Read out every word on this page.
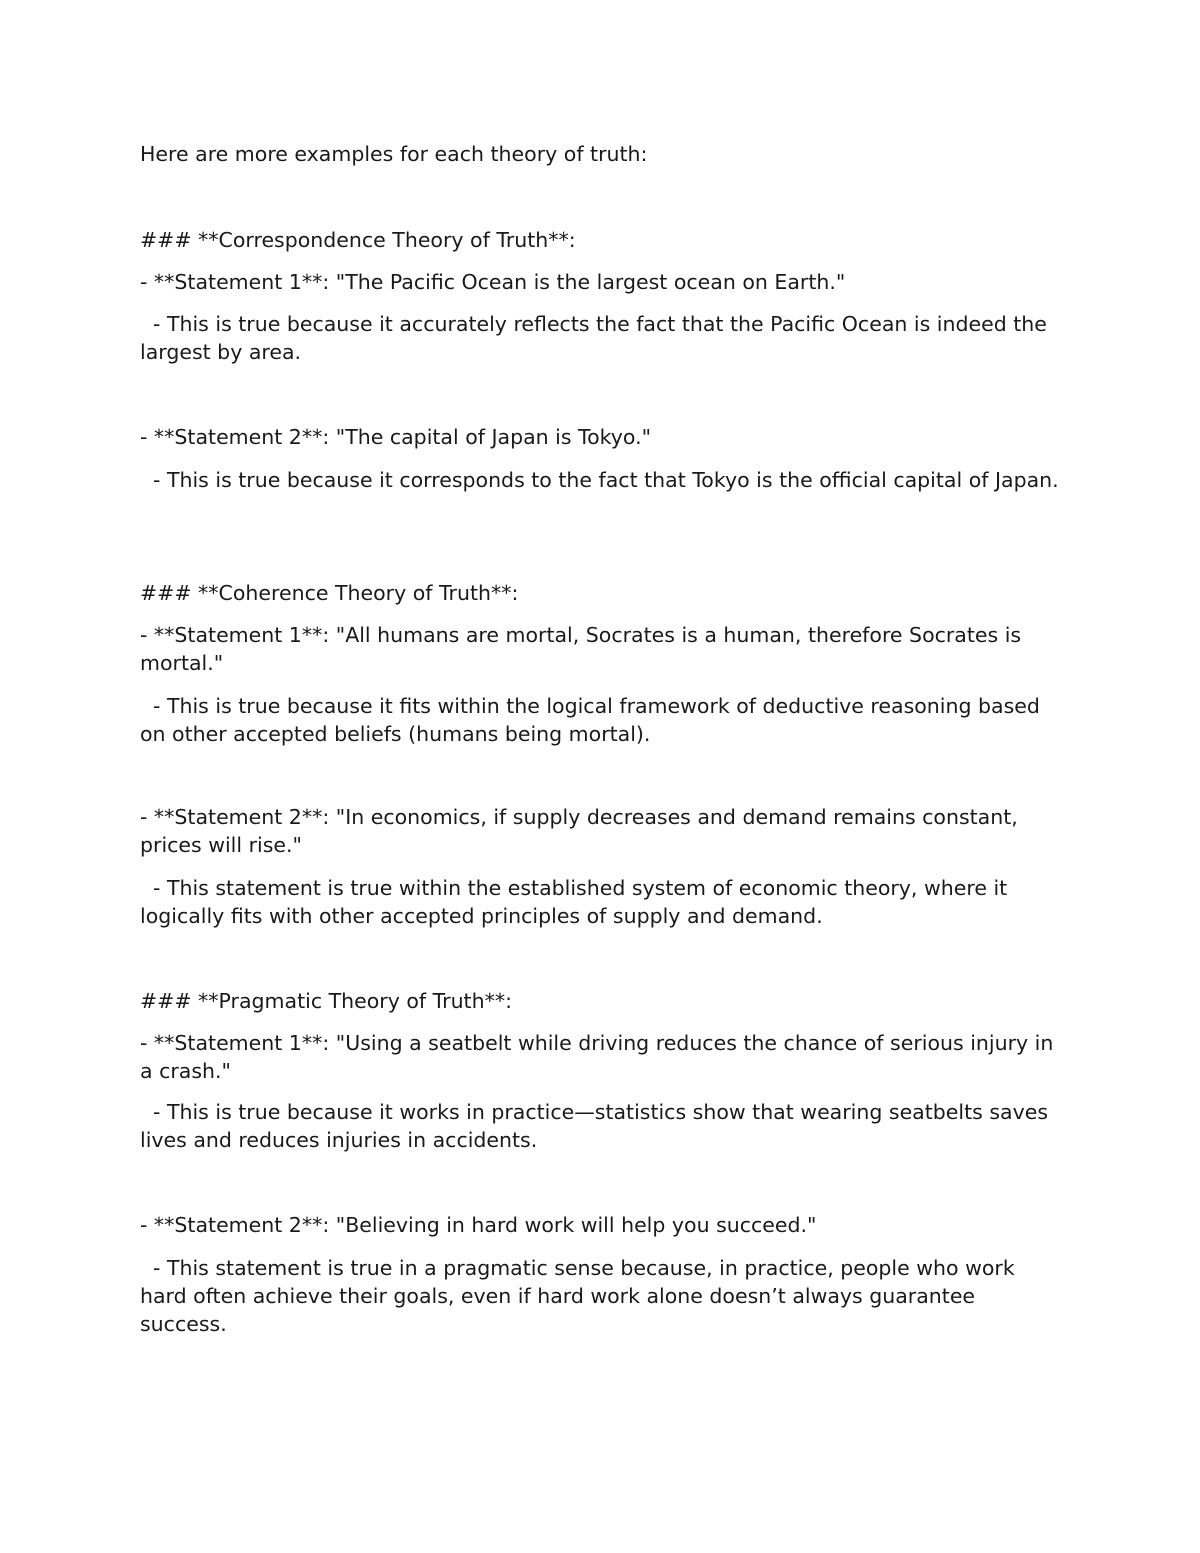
Here are more examples for each theory of truth:

### **Correspondence Theory of Truth**:

- **Statement 1**: "The Pacific Ocean is the largest ocean on Earth."

- This is true because it accurately reflects the fact that the Pacific Ocean is indeed the largest by area.

- **Statement 2**: "The capital of Japan is Tokyo."

- This is true because it corresponds to the fact that Tokyo is the official capital of Japan.

### **Coherence Theory of Truth**:

- **Statement 1**: "All humans are mortal, Socrates is a human, therefore Socrates is mortal."

- This is true because it fits within the logical framework of deductive reasoning based on other accepted beliefs (humans being mortal).

- **Statement 2**: "In economics, if supply decreases and demand remains constant, prices will rise."

- This statement is true within the established system of economic theory, where it logically fits with other accepted principles of supply and demand.

### **Pragmatic Theory of Truth**:

- **Statement 1**: "Using a seatbelt while driving reduces the chance of serious injury in a crash."

- This is true because it works in practice—statistics show that wearing seatbelts saves lives and reduces injuries in accidents.

- **Statement 2**: "Believing in hard work will help you succeed."

- This statement is true in a pragmatic sense because, in practice, people who work hard often achieve their goals, even if hard work alone doesn’t always guarantee success.
